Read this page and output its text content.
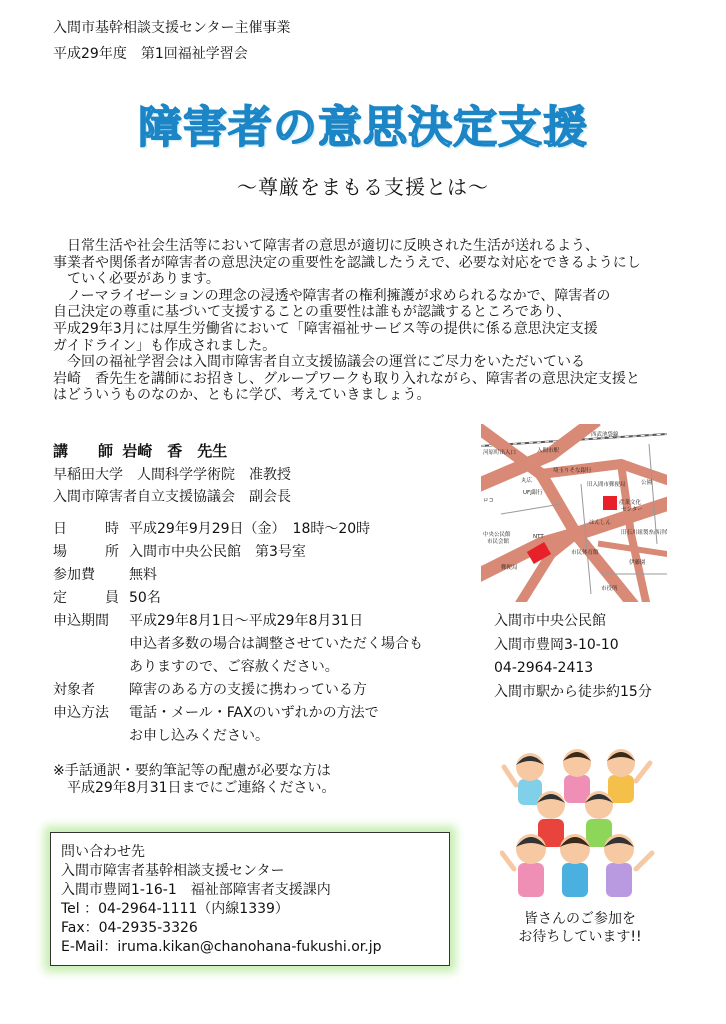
入間市基幹相談支援センター主催事業
平成29年度　第1回福祉学習会
障害者の意思決定支援
～尊厳をまもる支援とは～

日常生活や社会生活等において障害者の意思が適切に反映された生活が送れるよう、

事業者や関係者が障害者の意思決定の重要性を認識したうえで、必要な対応をできるようにし

ていく必要があります。

ノーマライゼーションの理念の浸透や障害者の権利擁護が求められるなかで、障害者の

自己決定の尊重に基づいて支援することの重要性は誰もが認識するところであり、

平成29年3月には厚生労働省において「障害福祉サービス等の提供に係る意思決定支援

ガイドライン」も作成されました。

今回の福祉学習会は入間市障害者自立支援協議会の運営にご尽力をいただいている

岩崎　香先生を講師にお招きし、グループワークも取り入れながら、障害者の意思決定支援と

はどういうものなのか、ともに学び、考えていきましょう。

講　　師 岩崎　香　先生
早稲田大学　人間科学学術院　准教授
入間市障害者自立支援協議会　副会長
日	時 平成29年9月29日（金）　18時～20時
場	所 入間市中央公民館　第3号室
参加費	無料
定	員 50名
申込期間	平成29年8月1日～平成29年8月31日
申込者多数の場合は調整させていただく場合も
ありますので、ご容赦ください。
対象者	障害のある方の支援に携わっている方
申込方法	電話・メール・FAXのいずれかの方法で
お申し込みください。
※手話通訳・要約筆記等の配慮が必要な方は
　平成29年8月31日までにご連絡ください。
河原町出入口	入間市駅
西武池袋線
埼玉りそな銀行
丸広
UFJ銀行
旧入間市郵便局
ロコ	産業文化
センター
中央公民館
市民会館
NTT
はんしん
市民体育館
旧石川組製糸西洋館
伊藤園
郵便局
市役所
公園
入間市中央公民館
入間市豊岡3-10-10
04-2964-2413
入間市駅から徒歩約15分
問い合わせ先
入間市障害者基幹相談支援センター
入間市豊岡1-16-1　福祉部障害者支援課内
Tel ：04-2964-1111（内線1339）
Fax：04-2935-3326
E-Mail：iruma.kikan@chanohana-fukushi.or.jp
皆さんのご参加を
お待ちしています!!
